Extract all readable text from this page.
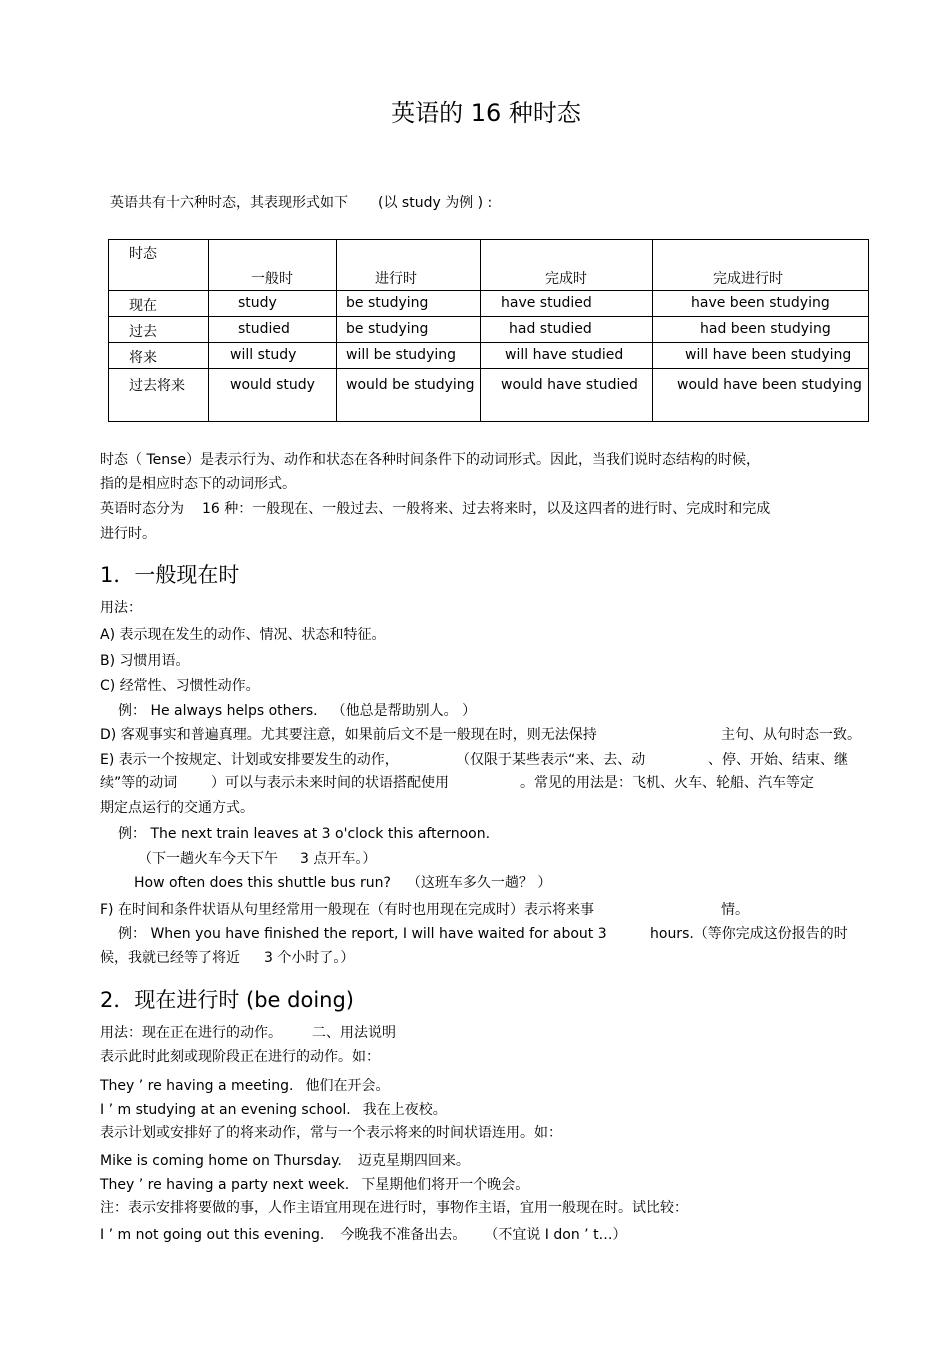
英语的 16 种时态
英语共有十六种时态，其表现形式如下 (以 study 为例 ) :
时态	一般时	进行时	完成时	完成进行时

现在	study	be studying	have studied	have been studying

过去	studied	be studying	had studied	had been studying

将来	will study	will be studying	will have studied	will have been studying

过去将来	would study	would be studying	would have studied	would have been studying
时态（ Tense）是表示行为、动作和状态在各种时间条件下的动词形式。因此，当我们说时态结构的时候，
指的是相应时态下的动词形式。
英语时态分为 16 种：一般现在、一般过去、一般将来、过去将来时，以及这四者的进行时、完成时和完成
进行时。
1．一般现在时
用法：
A) 表示现在发生的动作、情况、状态和特征。
B) 习惯用语。
C) 经常性、习惯性动作。
例： He always helps others. （他总是帮助别人。 ）
D) 客观事实和普遍真理。尤其要注意，如果前后文不是一般现在时，则无法保持	主句、从句时态一致。
E) 表示一个按规定、计划或安排要发生的动作，	（仅限于某些表示“来、去、动	、停、开始、结束、继
续”等的动词 ）可以与表示未来时间的状语搭配使用	。常见的用法是：飞机、火车、轮船、汽车等定
期定点运行的交通方式。
例： The next train leaves at 3 o'clock this afternoon.
（下一趟火车今天下午 3 点开车。）
How often does this shuttle bus run? （这班车多久一趟？ ）
F) 在时间和条件状语从句里经常用一般现在（有时也用现在完成时）表示将来事	情。
例： When you have finished the report, I will have waited for about 3	hours.（等你完成这份报告的时
候，我就已经等了将近 3 个小时了。）
2．现在进行时 (be doing)
用法：现在正在进行的动作。 二、用法说明
表示此时此刻或现阶段正在进行的动作。如：
They ’ re having a meeting. 他们在开会。
I ’ m studying at an evening school. 我在上夜校。
表示计划或安排好了的将来动作，常与一个表示将来的时间状语连用。如：
Mike is coming home on Thursday. 迈克星期四回来。
They ’ re having a party next week. 下星期他们将开一个晚会。
注：表示安排将要做的事，人作主语宜用现在进行时，事物作主语，宜用一般现在时。试比较：
I ’ m not going out this evening. 今晚我不准备出去。 （不宜说 I don ’ t…）
